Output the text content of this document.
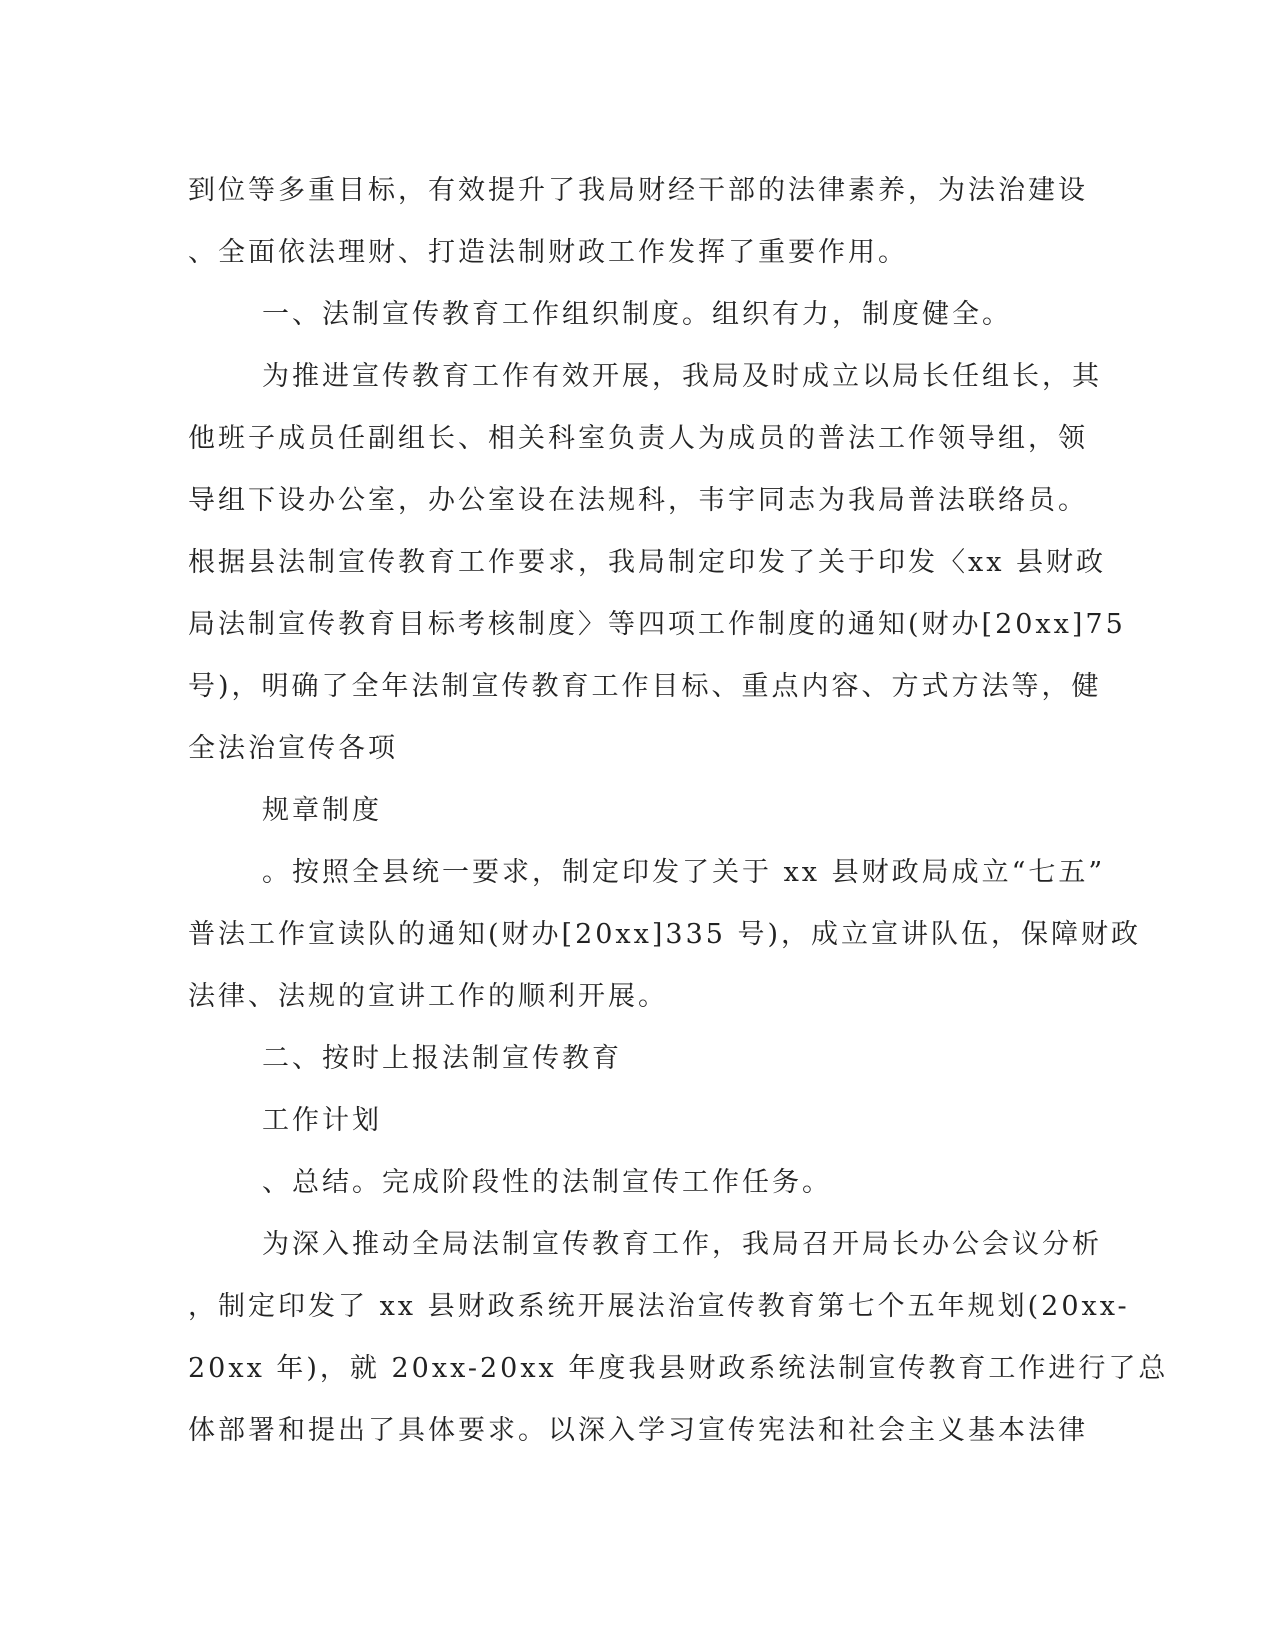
到位等多重目标，有效提升了我局财经干部的法律素养，为法治建设
、全面依法理财、打造法制财政工作发挥了重要作用。
一、法制宣传教育工作组织制度。组织有力，制度健全。
为推进宣传教育工作有效开展，我局及时成立以局长任组长，其
他班子成员任副组长、相关科室负责人为成员的普法工作领导组，领
导组下设办公室，办公室设在法规科，韦宇同志为我局普法联络员。
根据县法制宣传教育工作要求，我局制定印发了关于印发〈xx 县财政
局法制宣传教育目标考核制度〉等四项工作制度的通知(财办[20xx]75
号)，明确了全年法制宣传教育工作目标、重点内容、方式方法等，健
全法治宣传各项
规章制度
。按照全县统一要求，制定印发了关于 xx 县财政局成立“七五”
普法工作宣读队的通知(财办[20xx]335 号)，成立宣讲队伍，保障财政
法律、法规的宣讲工作的顺利开展。
二、按时上报法制宣传教育
工作计划
、总结。完成阶段性的法制宣传工作任务。
为深入推动全局法制宣传教育工作，我局召开局长办公会议分析
，制定印发了 xx 县财政系统开展法治宣传教育第七个五年规划(20xx-
20xx 年)，就 20xx-20xx 年度我县财政系统法制宣传教育工作进行了总
体部署和提出了具体要求。以深入学习宣传宪法和社会主义基本法律
